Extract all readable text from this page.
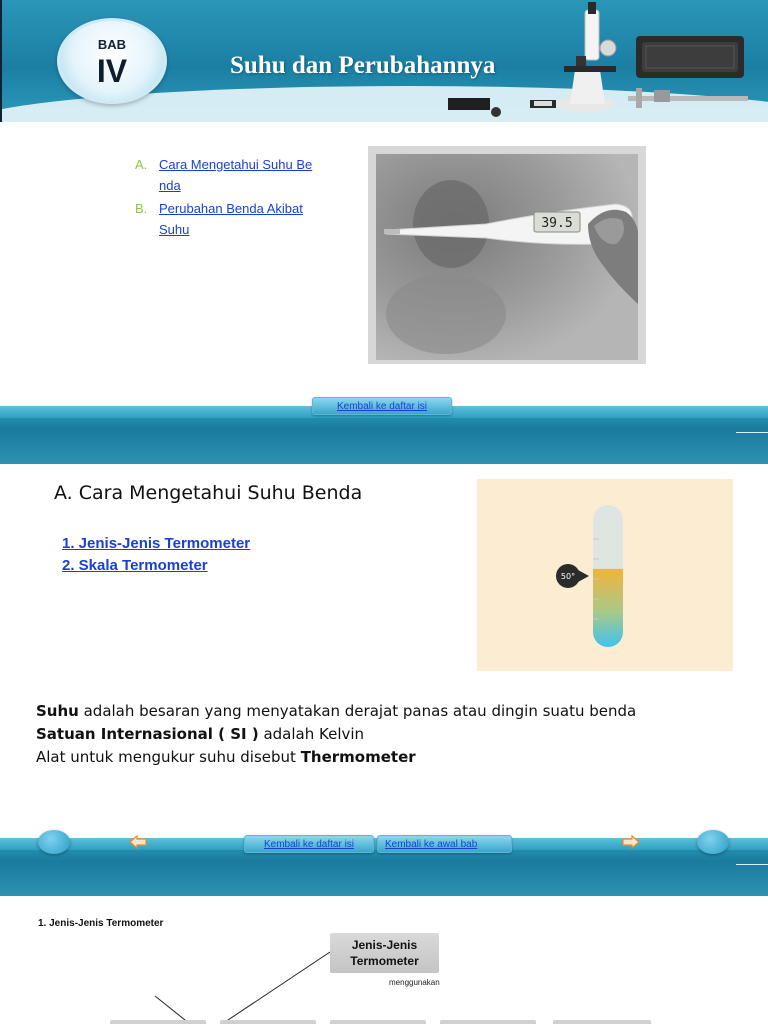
BAB
IV	Suhu dan Perubahannya
A. Cara Mengetahui Suhu Be
nda
B. Perubahan Benda Akibat
Suhu	39.5
Kembali ke daftar isi
A. Cara Mengetahui Suhu Benda
1. Jenis-Jenis Termometer
2. Skala Termometer
50°
Suhu adalah besaran yang menyatakan derajat panas atau dingin suatu benda
Satuan Internasional ( SI ) adalah Kelvin
Alat untuk mengukur suhu disebut Thermometer
Kembali ke daftar isi	Kembali ke awal bab
1. Jenis-Jenis Termometer
Jenis-Jenis
Termometer
menggunakan
